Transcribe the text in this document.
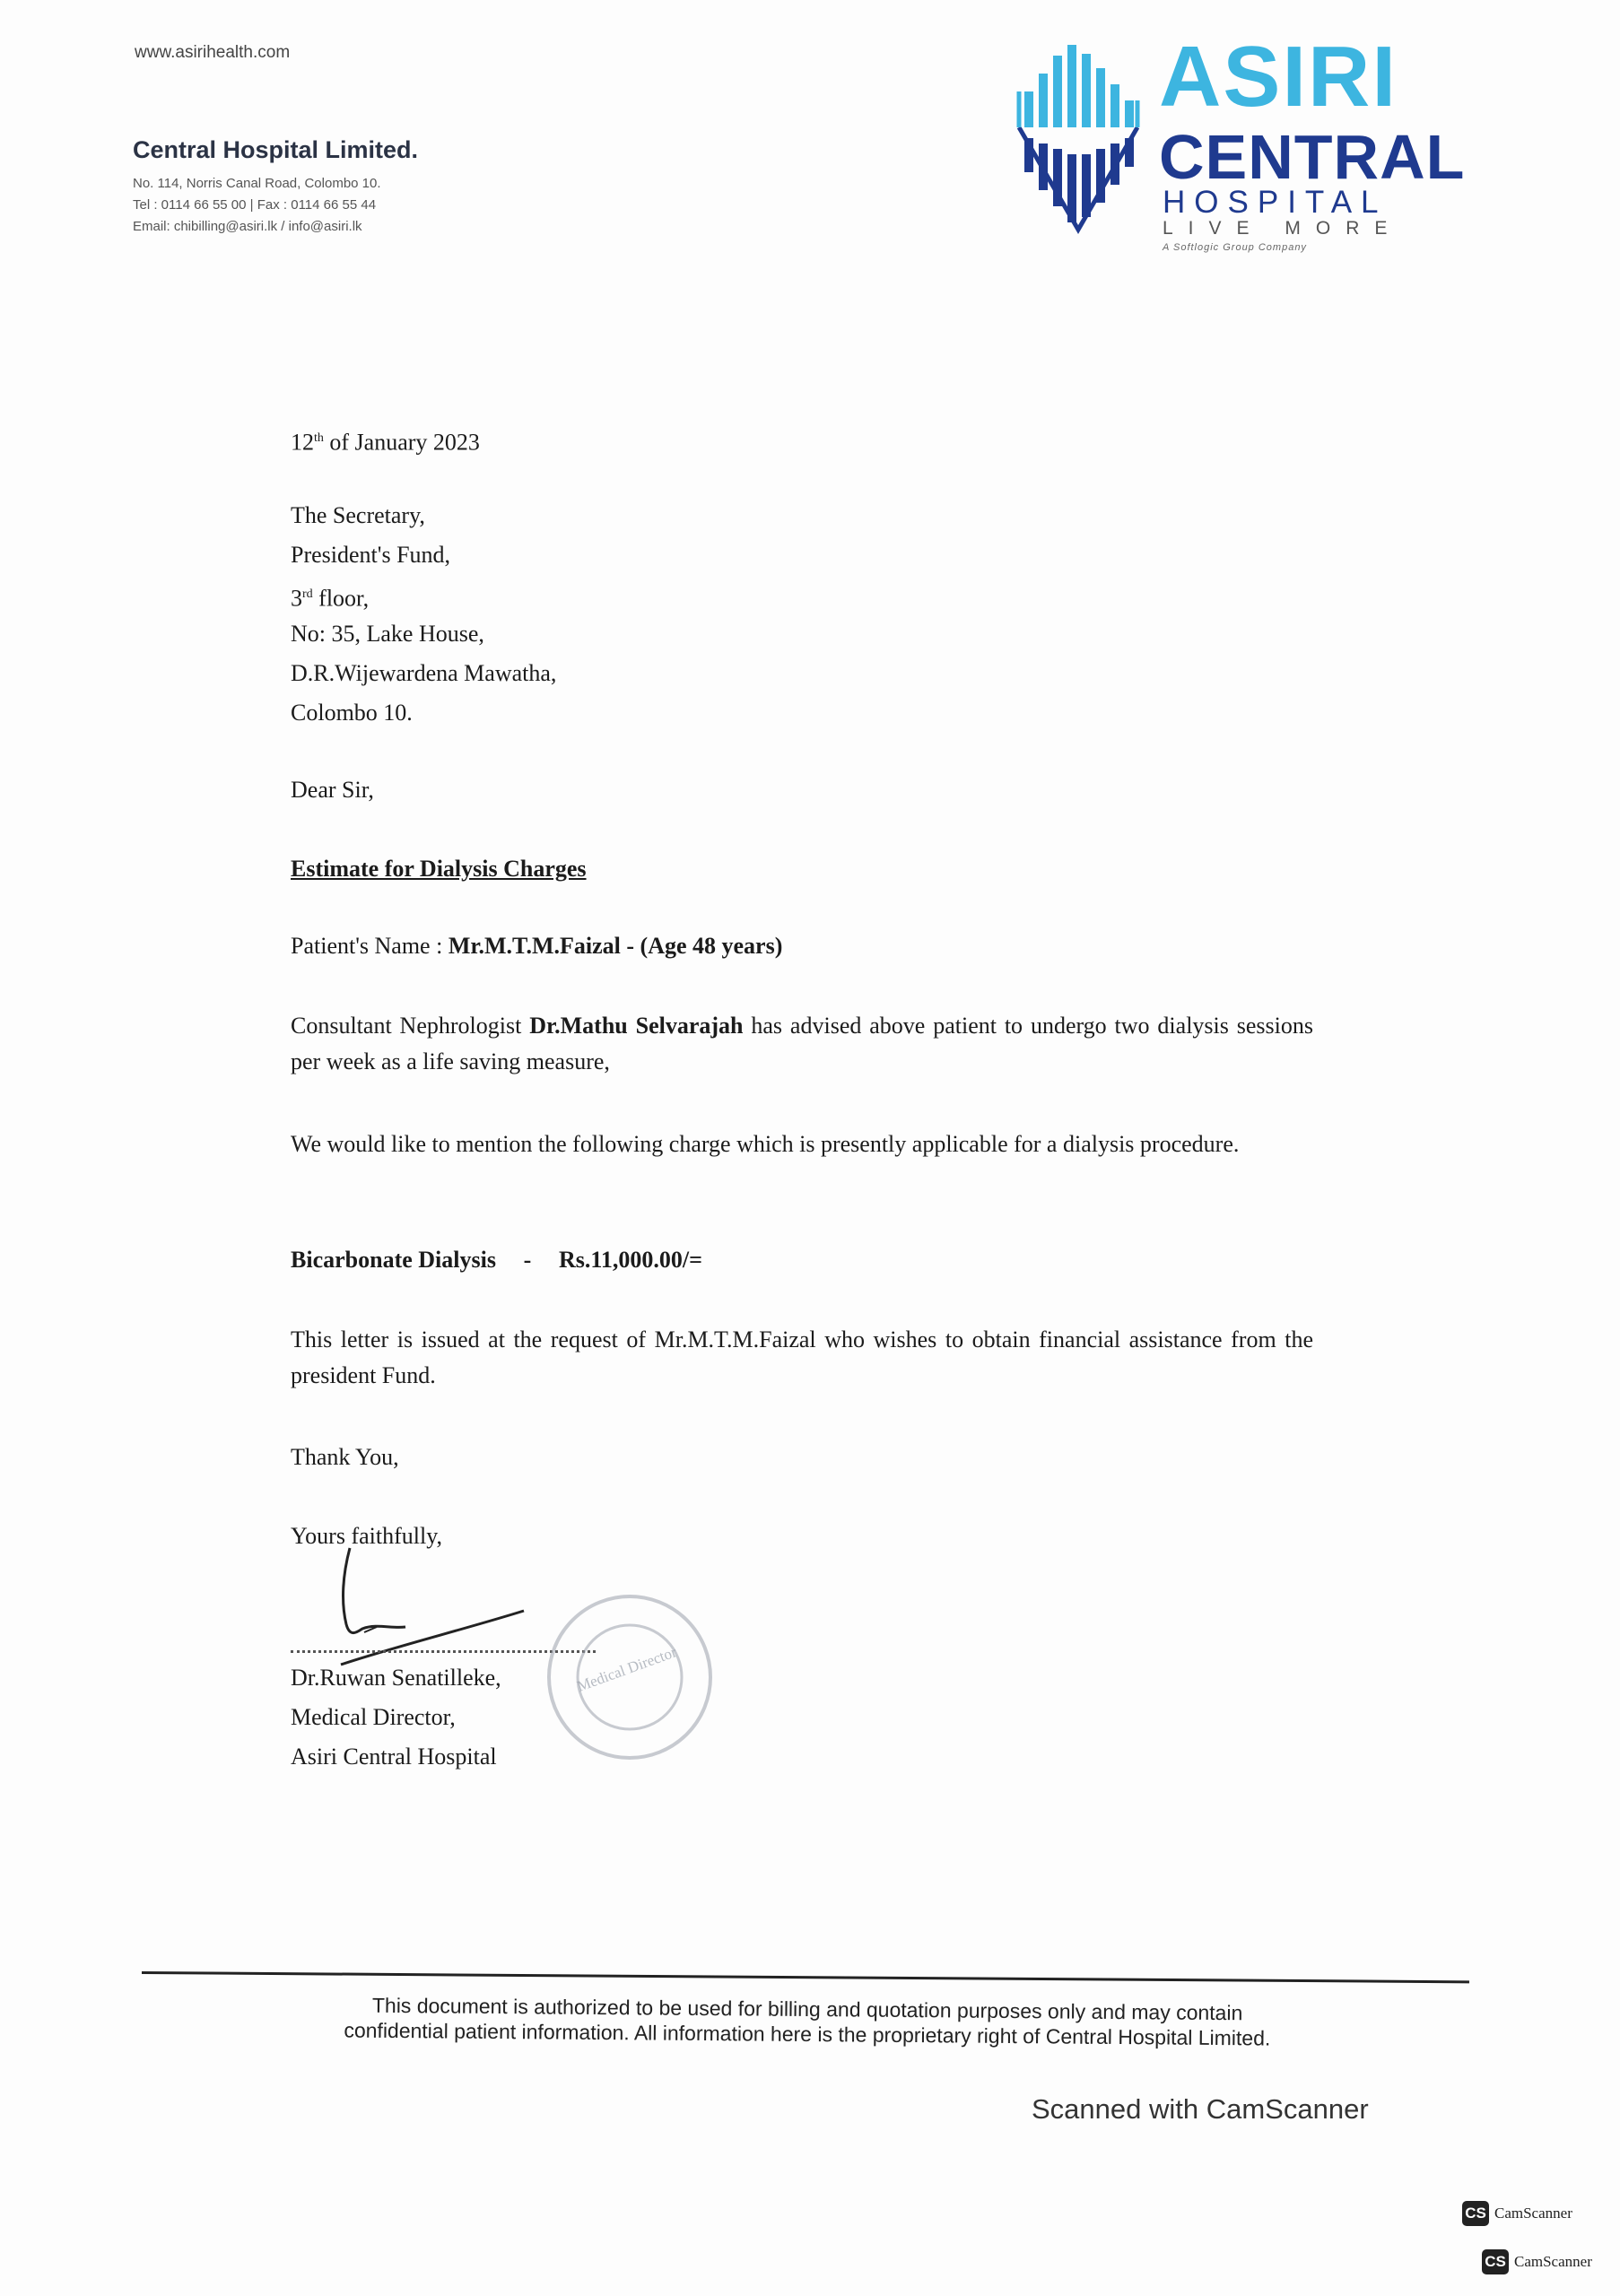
www.asirihealth.com
Central Hospital Limited.
No. 114, Norris Canal Road, Colombo 10.
Tel : 0114 66 55 00 | Fax : 0114 66 55 44
Email: chibilling@asiri.lk / info@asiri.lk
ASIRI
CENTRAL
HOSPITAL
LIVE MORE
A Softlogic Group Company
12th of January 2023
The Secretary,
President's Fund,
3rd floor,
No: 35, Lake House,
D.R.Wijewardena Mawatha,
Colombo 10.
Dear Sir,
Estimate for Dialysis Charges
Patient's Name : Mr.M.T.M.Faizal - (Age 48 years)
Consultant Nephrologist Dr.Mathu Selvarajah has advised above patient to undergo two dialysis sessions per week as a life saving measure,
We would like to mention the following charge which is presently applicable for a dialysis procedure.
Bicarbonate Dialysis - Rs.11,000.00/=
This letter is issued at the request of Mr.M.T.M.Faizal who wishes to obtain financial assistance from the president Fund.
Thank You,
Yours faithfully,
Medical Director
Dr.Ruwan Senatilleke,
Medical Director,
Asiri Central Hospital
This document is authorized to be used for billing and quotation purposes only and may contain
confidential patient information. All information here is the proprietary right of Central Hospital Limited.
Scanned with CamScanner
CS CamScanner
CS CamScanner
